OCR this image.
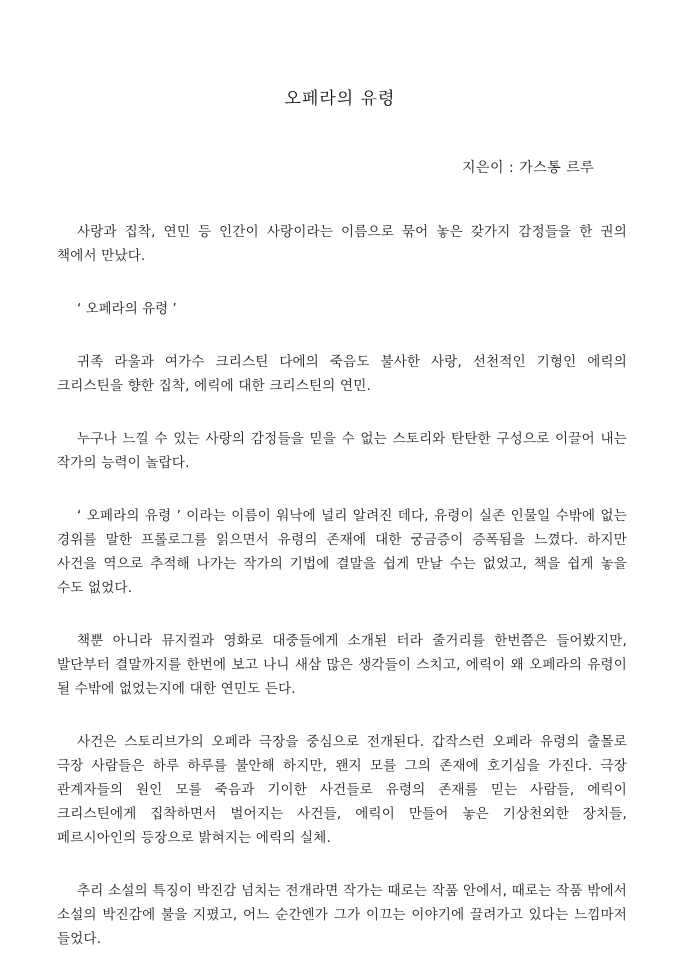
오페라의 유령

지은이 : 가스통 르루

사랑과 집착, 연민 등 인간이 사랑이라는 이름으로 묶어 놓은 갖가지 감정들을 한 권의 책에서 만났다.

‘ 오페라의 유령 ’

귀족 라울과 여가수 크리스틴 다에의 죽음도 불사한 사랑, 선천적인 기형인 에릭의 크리스틴을 향한 집착, 에릭에 대한 크리스틴의 연민.

누구나 느낄 수 있는 사랑의 감정들을 믿을 수 없는 스토리와 탄탄한 구성으로 이끌어 내는 작가의 능력이 놀랍다.

‘ 오페라의 유령 ’ 이라는 이름이 워낙에 널리 알려진 데다, 유령이 실존 인물일 수밖에 없는 경위를 말한 프롤로그를 읽으면서 유령의 존재에 대한 궁금증이 증폭됨을 느꼈다. 하지만 사건을 역으로 추적해 나가는 작가의 기법에 결말을 쉽게 만날 수는 없었고, 책을 쉽게 놓을 수도 없었다.

책뿐 아니라 뮤지컬과 영화로 대중들에게 소개된 터라 줄거리를 한번쯤은 들어봤지만, 발단부터 결말까지를 한번에 보고 나니 새삼 많은 생각들이 스치고, 에릭이 왜 오페라의 유령이 될 수밖에 없었는지에 대한 연민도 든다.

사건은 스토리브가의 오페라 극장을 중심으로 전개된다. 갑작스런 오페라 유령의 출몰로 극장 사람들은 하루 하루를 불안해 하지만, 왠지 모를 그의 존재에 호기심을 가진다. 극장 관계자들의 원인 모를 죽음과 기이한 사건들로 유령의 존재를 믿는 사람들, 에릭이 크리스틴에게 집착하면서 벌어지는 사건들, 에릭이 만들어 놓은 기상천외한 장치들, 페르시아인의 등장으로 밝혀지는 에릭의 실체.

추리 소설의 특징이 박진감 넘치는 전개라면 작가는 때로는 작품 안에서, 때로는 작품 밖에서 소설의 박진감에 불을 지폈고, 어느 순간엔가 그가 이끄는 이야기에 끌려가고 있다는 느낌마저 들었다.
